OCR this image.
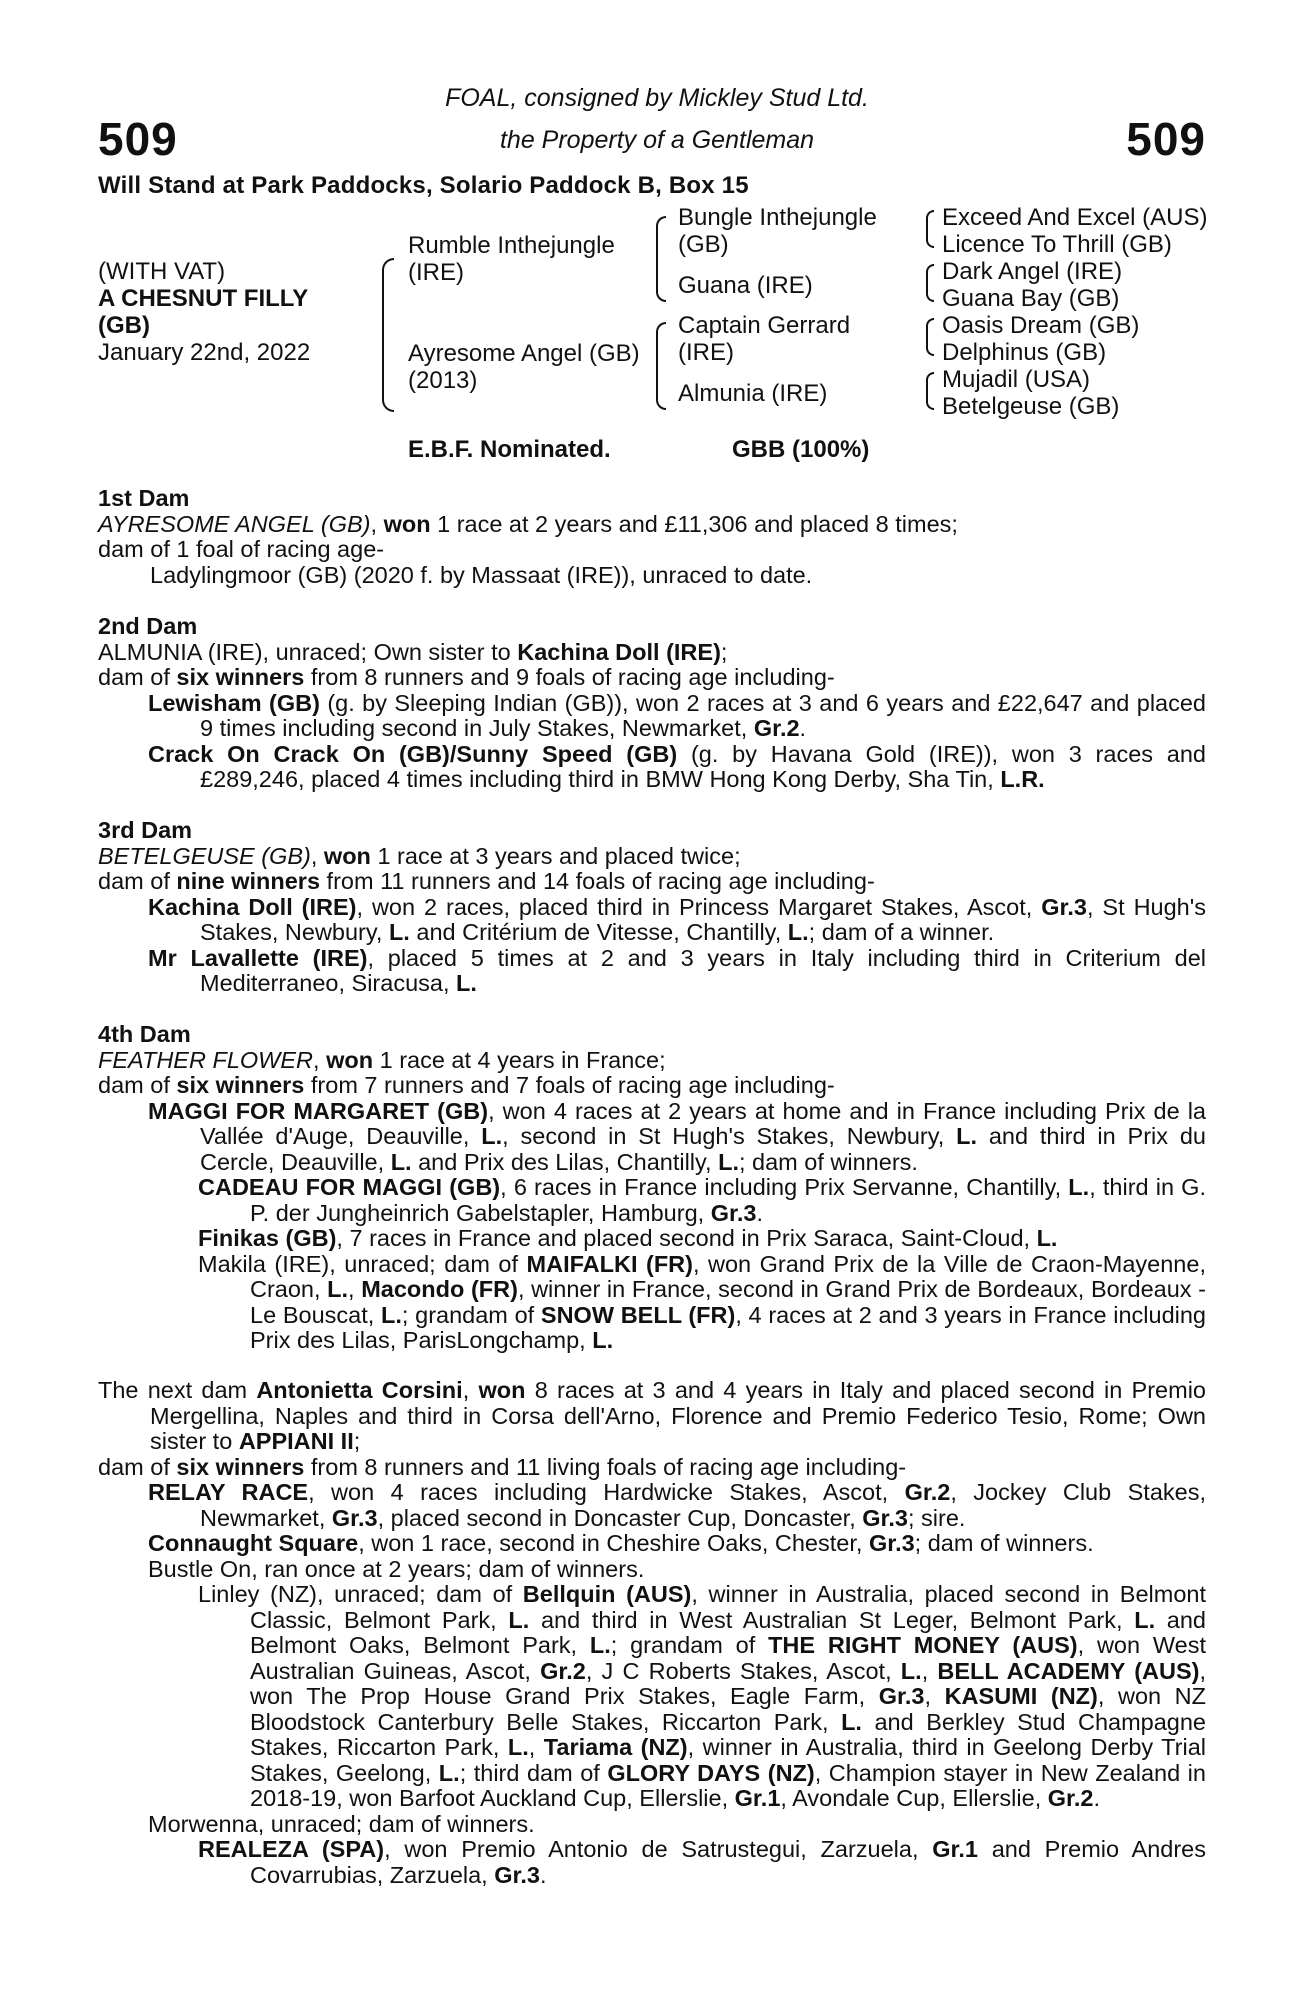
509	509
FOAL, consigned by Mickley Stud Ltd.
the Property of a Gentleman
Will Stand at Park Paddocks, Solario Paddock B, Box 15
(WITH VAT)
A CHESNUT FILLY
(GB)
January 22nd, 2022
Rumble Inthejungle
(IRE)
Ayresome Angel (GB)
(2013)
Bungle Inthejungle
(GB)
Guana (IRE)
Captain Gerrard
(IRE)
Almunia (IRE)
Exceed And Excel (AUS)
Licence To Thrill (GB)
Dark Angel (IRE)
Guana Bay (GB)
Oasis Dream (GB)
Delphinus (GB)
Mujadil (USA)
Betelgeuse (GB)
E.B.F. Nominated.	GBB (100%)

1st Dam

AYRESOME ANGEL (GB), won 1 race at 2 years and £11,306 and placed 8 times;

dam of 1 foal of racing age-

Ladylingmoor (GB) (2020 f. by Massaat (IRE)), unraced to date.

2nd Dam

ALMUNIA (IRE), unraced; Own sister to Kachina Doll (IRE);

dam of six winners from 8 runners and 9 foals of racing age including-

Lewisham (GB) (g. by Sleeping Indian (GB)), won 2 races at 3 and 6 years and £22,647 and placed 9 times including second in July Stakes, Newmarket, Gr.2.

Crack On Crack On (GB)/Sunny Speed (GB) (g. by Havana Gold (IRE)), won 3 races and £289,246, placed 4 times including third in BMW Hong Kong Derby, Sha Tin, L.R.

3rd Dam

BETELGEUSE (GB), won 1 race at 3 years and placed twice;

dam of nine winners from 11 runners and 14 foals of racing age including-

Kachina Doll (IRE), won 2 races, placed third in Princess Margaret Stakes, Ascot, Gr.3, St Hugh's Stakes, Newbury, L. and Critérium de Vitesse, Chantilly, L.; dam of a winner.

Mr Lavallette (IRE), placed 5 times at 2 and 3 years in Italy including third in Criterium del Mediterraneo, Siracusa, L.

4th Dam

FEATHER FLOWER, won 1 race at 4 years in France;

dam of six winners from 7 runners and 7 foals of racing age including-

MAGGI FOR MARGARET (GB), won 4 races at 2 years at home and in France including Prix de la Vallée d'Auge, Deauville, L., second in St Hugh's Stakes, Newbury, L. and third in Prix du Cercle, Deauville, L. and Prix des Lilas, Chantilly, L.; dam of winners.

CADEAU FOR MAGGI (GB), 6 races in France including Prix Servanne, Chantilly, L., third in G. P. der Jungheinrich Gabelstapler, Hamburg, Gr.3.

Finikas (GB), 7 races in France and placed second in Prix Saraca, Saint-Cloud, L.

Makila (IRE), unraced; dam of MAIFALKI (FR), won Grand Prix de la Ville de Craon-Mayenne, Craon, L., Macondo (FR), winner in France, second in Grand Prix de Bordeaux, Bordeaux - Le Bouscat, L.; grandam of SNOW BELL (FR), 4 races at 2 and 3 years in France including Prix des Lilas, ParisLongchamp, L.

The next dam Antonietta Corsini, won 8 races at 3 and 4 years in Italy and placed second in Premio Mergellina, Naples and third in Corsa dell'Arno, Florence and Premio Federico Tesio, Rome; Own sister to APPIANI II;

dam of six winners from 8 runners and 11 living foals of racing age including-

RELAY RACE, won 4 races including Hardwicke Stakes, Ascot, Gr.2, Jockey Club Stakes, Newmarket, Gr.3, placed second in Doncaster Cup, Doncaster, Gr.3; sire.

Connaught Square, won 1 race, second in Cheshire Oaks, Chester, Gr.3; dam of winners.

Bustle On, ran once at 2 years; dam of winners.

Linley (NZ), unraced; dam of Bellquin (AUS), winner in Australia, placed second in Belmont Classic, Belmont Park, L. and third in West Australian St Leger, Belmont Park, L. and Belmont Oaks, Belmont Park, L.; grandam of THE RIGHT MONEY (AUS), won West Australian Guineas, Ascot, Gr.2, J C Roberts Stakes, Ascot, L., BELL ACADEMY (AUS), won The Prop House Grand Prix Stakes, Eagle Farm, Gr.3, KASUMI (NZ), won NZ Bloodstock Canterbury Belle Stakes, Riccarton Park, L. and Berkley Stud Champagne Stakes, Riccarton Park, L., Tariama (NZ), winner in Australia, third in Geelong Derby Trial Stakes, Geelong, L.; third dam of GLORY DAYS (NZ), Champion stayer in New Zealand in 2018-19, won Barfoot Auckland Cup, Ellerslie, Gr.1, Avondale Cup, Ellerslie, Gr.2.

Morwenna, unraced; dam of winners.

REALEZA (SPA), won Premio Antonio de Satrustegui, Zarzuela, Gr.1 and Premio Andres Covarrubias, Zarzuela, Gr.3.
